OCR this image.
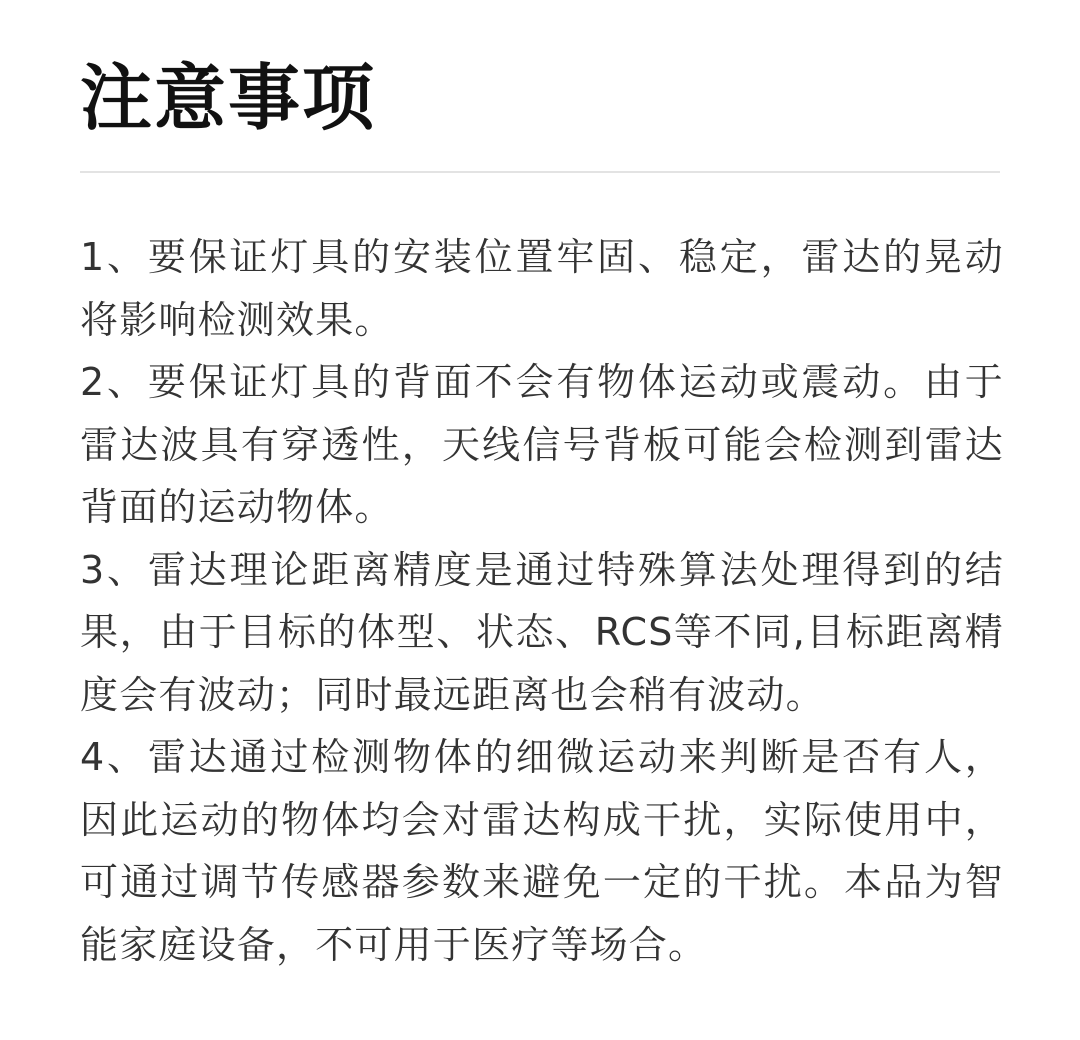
注意事项
1、要保证灯具的安装位置牢固、稳定，雷达的晃动将影响检测效果。
2、要保证灯具的背面不会有物体运动或震动。由于雷达波具有穿透性，天线信号背板可能会检测到雷达背面的运动物体。
3、雷达理论距离精度是通过特殊算法处理得到的结果，由于目标的体型、状态、RCS等不同,目标距离精度会有波动；同时最远距离也会稍有波动。
4、雷达通过检测物体的细微运动来判断是否有人，因此运动的物体均会对雷达构成干扰，实际使用中，可通过调节传感器参数来避免一定的干扰。本品为智能家庭设备，不可用于医疗等场合。
